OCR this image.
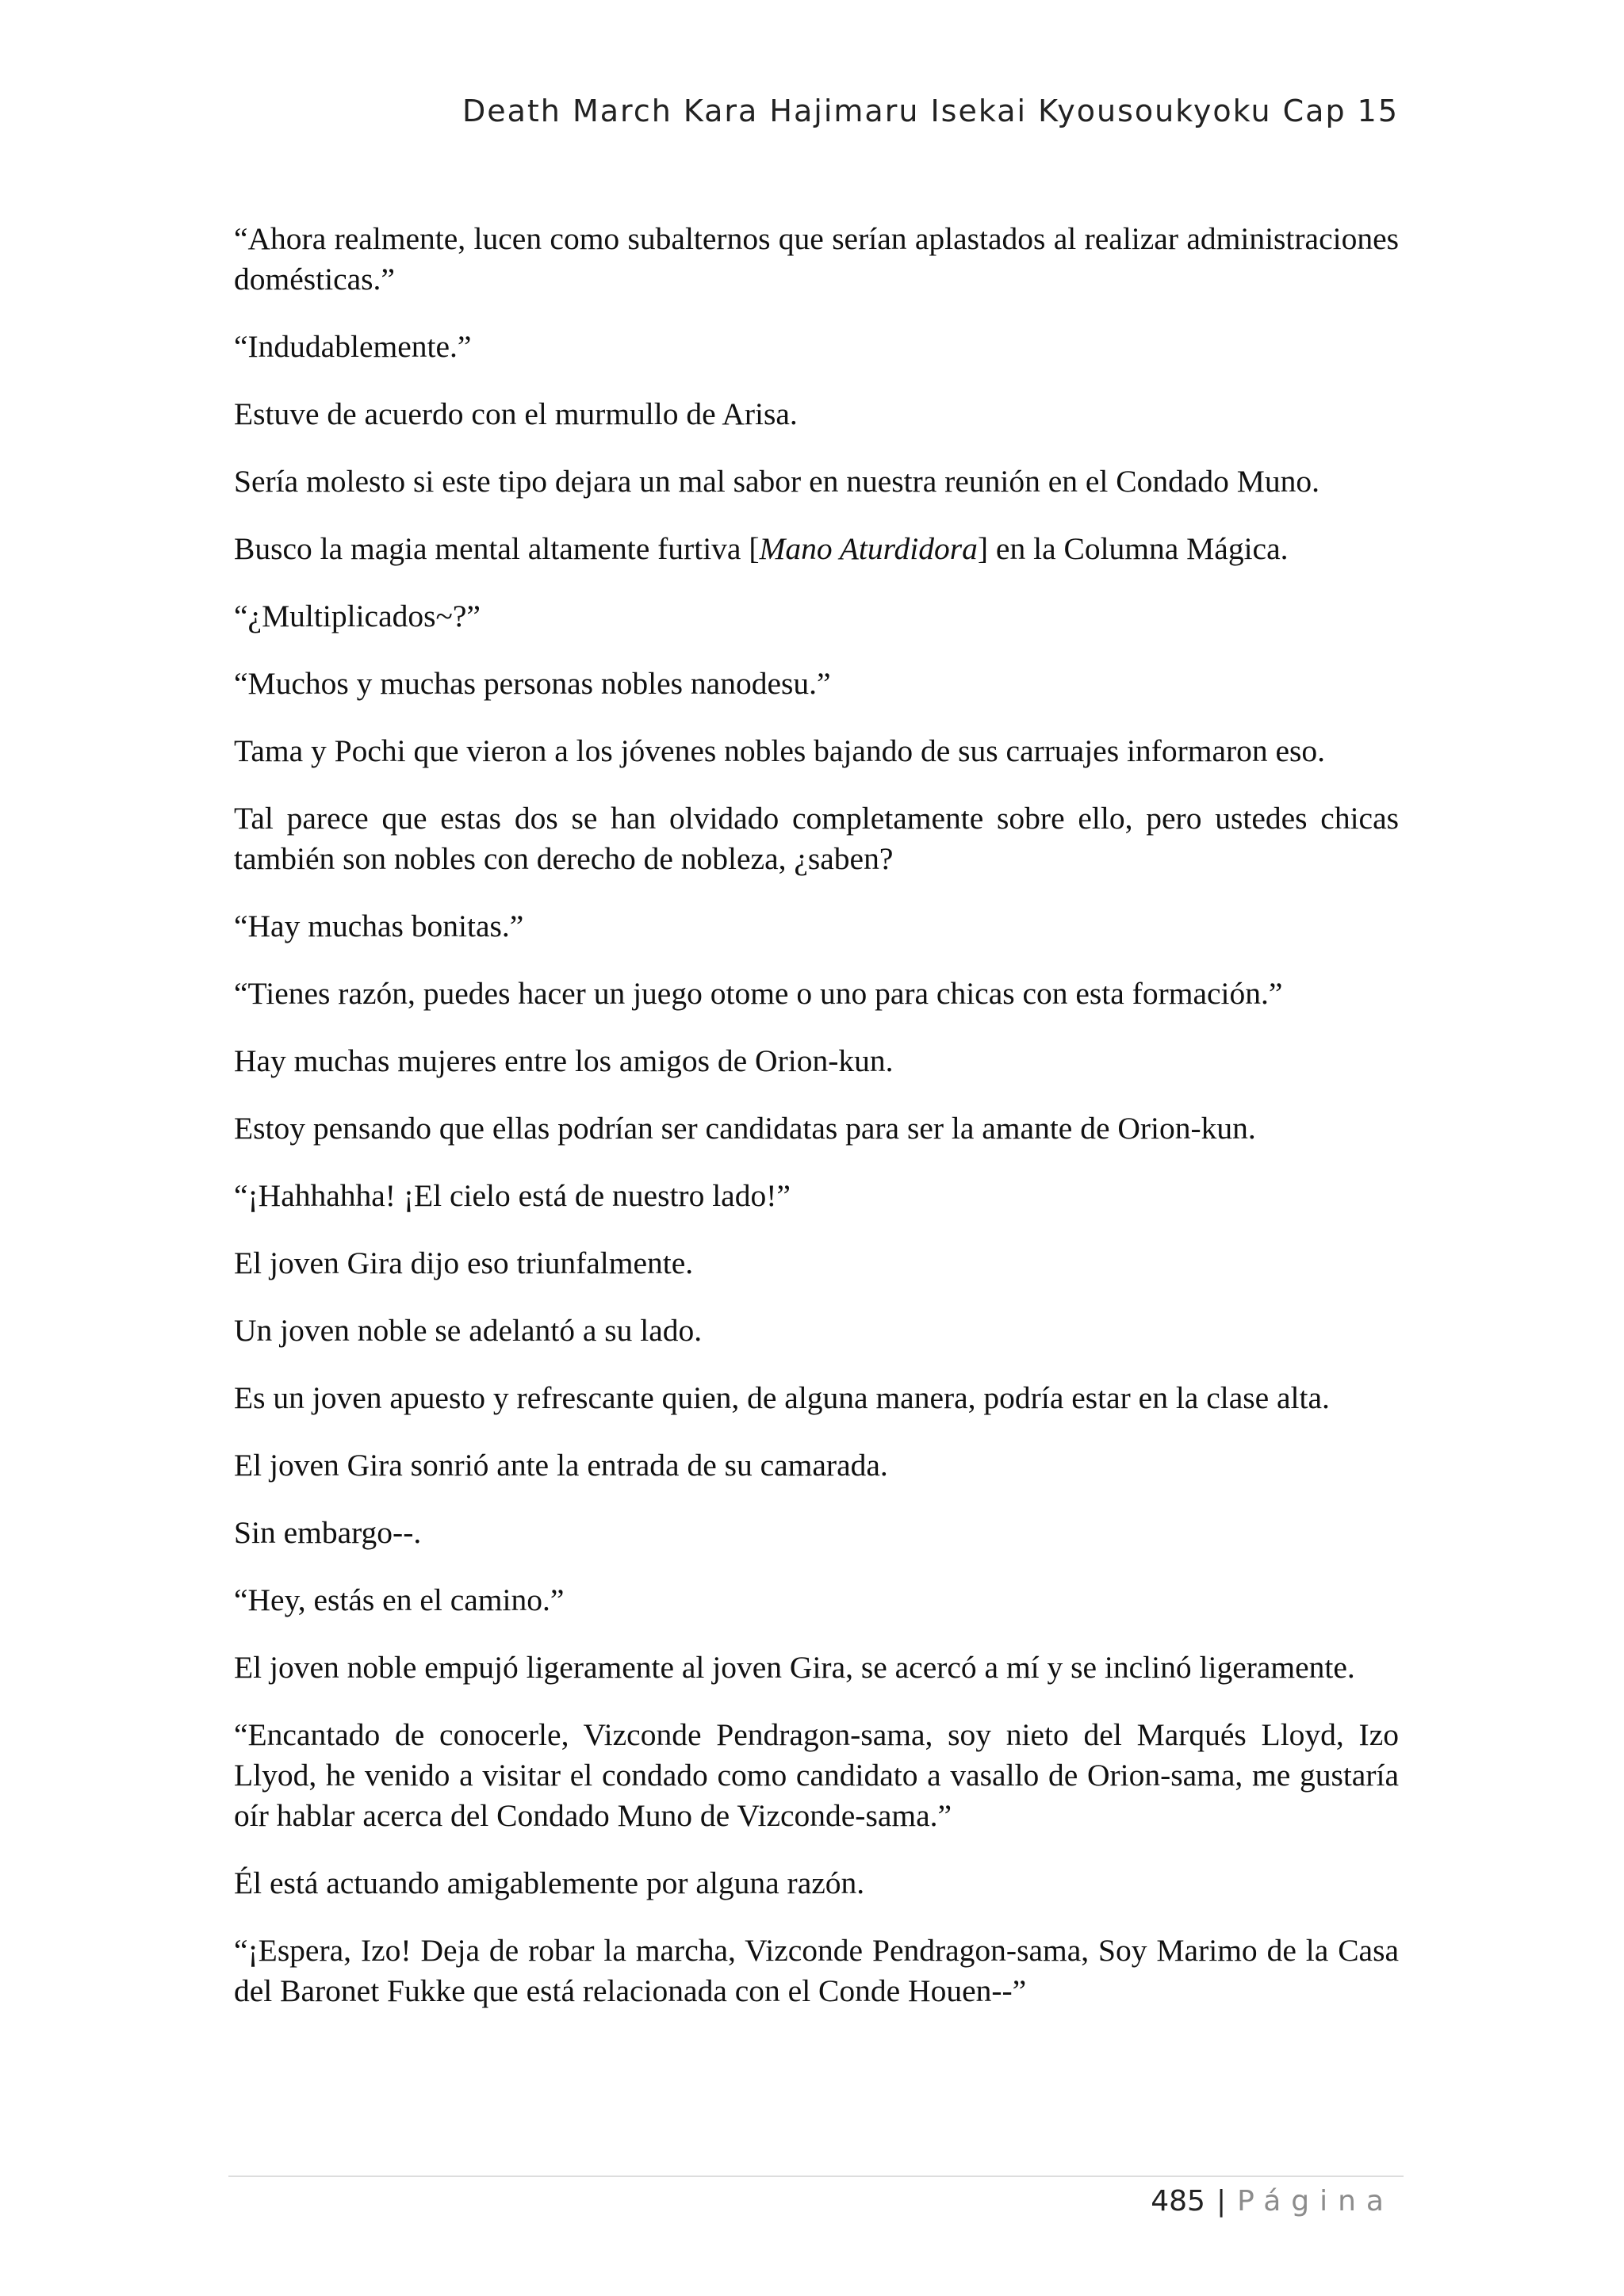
Death March Kara Hajimaru Isekai Kyousoukyoku Cap 15

“Ahora realmente, lucen como subalternos que serían aplastados al realizar administraciones domésticas.”

“Indudablemente.”

Estuve de acuerdo con el murmullo de Arisa.

Sería molesto si este tipo dejara un mal sabor en nuestra reunión en el Condado Muno.

Busco la magia mental altamente furtiva [Mano Aturdidora] en la Columna Mágica.

“¿Multiplicados~?”

“Muchos y muchas personas nobles nanodesu.”

Tama y Pochi que vieron a los jóvenes nobles bajando de sus carruajes informaron eso.

Tal parece que estas dos se han olvidado completamente sobre ello, pero ustedes chicas también son nobles con derecho de nobleza, ¿saben?

“Hay muchas bonitas.”

“Tienes razón, puedes hacer un juego otome o uno para chicas con esta formación.”

Hay muchas mujeres entre los amigos de Orion-kun.

Estoy pensando que ellas podrían ser candidatas para ser la amante de Orion-kun.

“¡Hahhahha! ¡El cielo está de nuestro lado!”

El joven Gira dijo eso triunfalmente.

Un joven noble se adelantó a su lado.

Es un joven apuesto y refrescante quien, de alguna manera, podría estar en la clase alta.

El joven Gira sonrió ante la entrada de su camarada.

Sin embargo--.

“Hey, estás en el camino.”

El joven noble empujó ligeramente al joven Gira, se acercó a mí y se inclinó ligeramente.

“Encantado de conocerle, Vizconde Pendragon-sama, soy nieto del Marqués Lloyd, Izo Llyod, he venido a visitar el condado como candidato a vasallo de Orion-sama, me gustaría oír hablar acerca del Condado Muno de Vizconde-sama.”

Él está actuando amigablemente por alguna razón.

“¡Espera, Izo! Deja de robar la marcha, Vizconde Pendragon-sama, Soy Marimo de la Casa del Baronet Fukke que está relacionada con el Conde Houen--”

485 | Página
